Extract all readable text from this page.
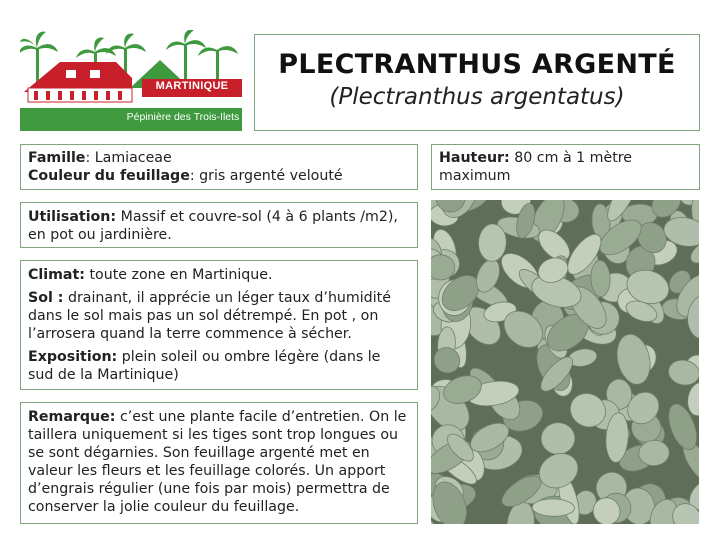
MARTINIQUE
Pépinière des Trois-Ilets
PLECTRANTHUS ARGENTÉ
(Plectranthus argentatus)
Famille: Lamiaceae
Couleur du feuillage: gris argenté velouté
Hauteur: 80 cm à 1 mètre maximum
Utilisation: Massif et couvre-sol (4 à 6 plants /m2), en pot ou jardinière.

Climat: toute zone en Martinique.

Sol : drainant, il apprécie un léger taux d’humidité dans le sol mais pas un sol détrempé. En pot , on l’arrosera quand la terre commence à sécher.

Exposition: plein soleil ou ombre légère (dans le sud de la Martinique)

Remarque: c’est une plante facile d’entretien. On le taillera uniquement si les tiges sont trop longues ou se sont dégarnies. Son feuillage argenté met en valeur les fleurs et les feuillage colorés. Un apport d’engrais régulier (une fois par mois) permettra de conserver la jolie couleur du feuillage.
